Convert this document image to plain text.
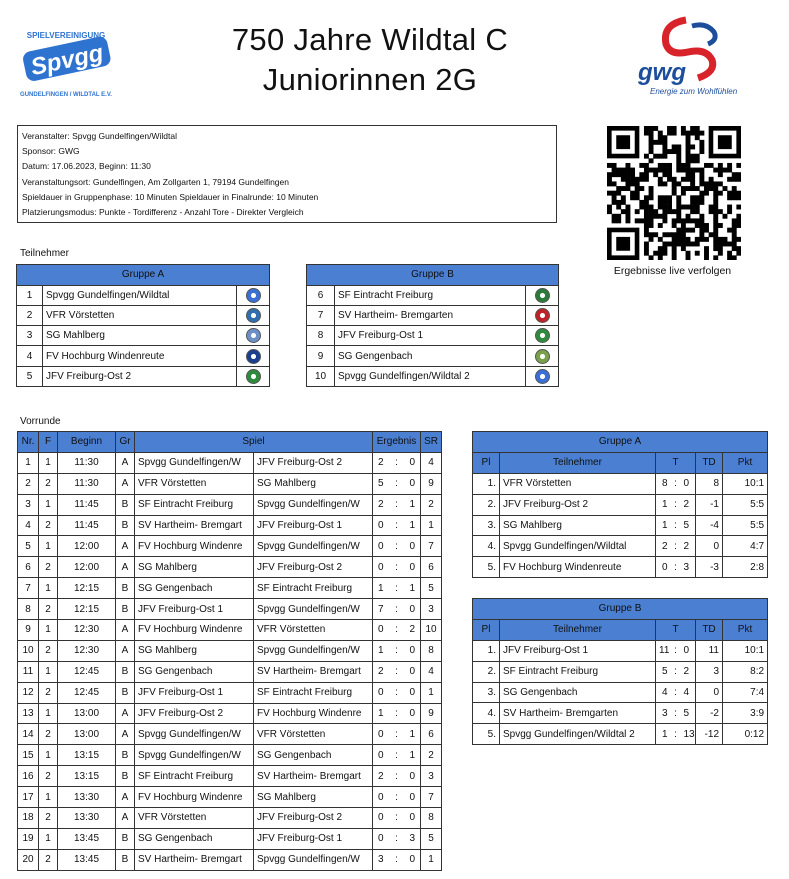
SPIELVEREINIGUNG
Spvgg
GUNDELFINGEN / WILDTAL E.V.
750 Jahre Wildtal C
Juniorinnen 2G	gwg
Energie zum Wohlfühlen
Veranstalter: Spvgg Gundelfingen/Wildtal
Sponsor: GWG
Datum: 17.06.2023, Beginn: 11:30
Veranstaltungsort: Gundelfingen, Am Zollgarten 1, 79194 Gundelfingen
Spieldauer in Gruppenphase: 10 Minuten Spieldauer in Finalrunde: 10 Minuten
Platzierungsmodus: Punkte - Tordifferenz - Anzahl Tore - Direkter Vergleich
Ergebnisse live verfolgen
Teilnehmer
Gruppe A		
1	Spvgg Gundelfingen/Wildtal	
2	VFR Vörstetten	
3	SG Mahlberg	
4	FV Hochburg Windenreute	
5	JFV Freiburg-Ost 2	
Gruppe B		
6	SF Eintracht Freiburg	
7	SV Hartheim- Bremgarten	
8	JFV Freiburg-Ost 1	
9	SG Gengenbach	
10	Spvgg Gundelfingen/Wildtal 2	
Vorrunde
Nr.	F	Beginn	Gr	Spiel		Ergebnis			SR
1	1	11:30	A	Spvgg Gundelfingen/W	JFV Freiburg-Ost 2	2	:	0	4
2	2	11:30	A	VFR Vörstetten	SG Mahlberg	5	:	0	9
3	1	11:45	B	SF Eintracht Freiburg	Spvgg Gundelfingen/W	2	:	1	2
4	2	11:45	B	SV Hartheim- Bremgart	JFV Freiburg-Ost 1	0	:	1	1
5	1	12:00	A	FV Hochburg Windenre	Spvgg Gundelfingen/W	0	:	0	7
6	2	12:00	A	SG Mahlberg	JFV Freiburg-Ost 2	0	:	0	6
7	1	12:15	B	SG Gengenbach	SF Eintracht Freiburg	1	:	1	5
8	2	12:15	B	JFV Freiburg-Ost 1	Spvgg Gundelfingen/W	7	:	0	3
9	1	12:30	A	FV Hochburg Windenre	VFR Vörstetten	0	:	2	10
10	2	12:30	A	SG Mahlberg	Spvgg Gundelfingen/W	1	:	0	8
11	1	12:45	B	SG Gengenbach	SV Hartheim- Bremgart	2	:	0	4
12	2	12:45	B	JFV Freiburg-Ost 1	SF Eintracht Freiburg	0	:	0	1
13	1	13:00	A	JFV Freiburg-Ost 2	FV Hochburg Windenre	1	:	0	9
14	2	13:00	A	Spvgg Gundelfingen/W	VFR Vörstetten	0	:	1	6
15	1	13:15	B	Spvgg Gundelfingen/W	SG Gengenbach	0	:	1	2
16	2	13:15	B	SF Eintracht Freiburg	SV Hartheim- Bremgart	2	:	0	3
17	1	13:30	A	FV Hochburg Windenre	SG Mahlberg	0	:	0	7
18	2	13:30	A	VFR Vörstetten	JFV Freiburg-Ost 2	0	:	0	8
19	1	13:45	B	SG Gengenbach	JFV Freiburg-Ost 1	0	:	3	5
20	2	13:45	B	SV Hartheim- Bremgart	Spvgg Gundelfingen/W	3	:	0	1
Gruppe A						
Pl	Teilnehmer	T			TD	Pkt
1.	VFR Vörstetten	8	:	0	8	10:1
2.	JFV Freiburg-Ost 2	1	:	2	-1	5:5
3.	SG Mahlberg	1	:	5	-4	5:5
4.	Spvgg Gundelfingen/Wildtal	2	:	2	0	4:7
5.	FV Hochburg Windenreute	0	:	3	-3	2:8
Gruppe B						
Pl	Teilnehmer	T			TD	Pkt
1.	JFV Freiburg-Ost 1	11	:	0	11	10:1
2.	SF Eintracht Freiburg	5	:	2	3	8:2
3.	SG Gengenbach	4	:	4	0	7:4
4.	SV Hartheim- Bremgarten	3	:	5	-2	3:9
5.	Spvgg Gundelfingen/Wildtal 2	1	:	13	-12	0:12
